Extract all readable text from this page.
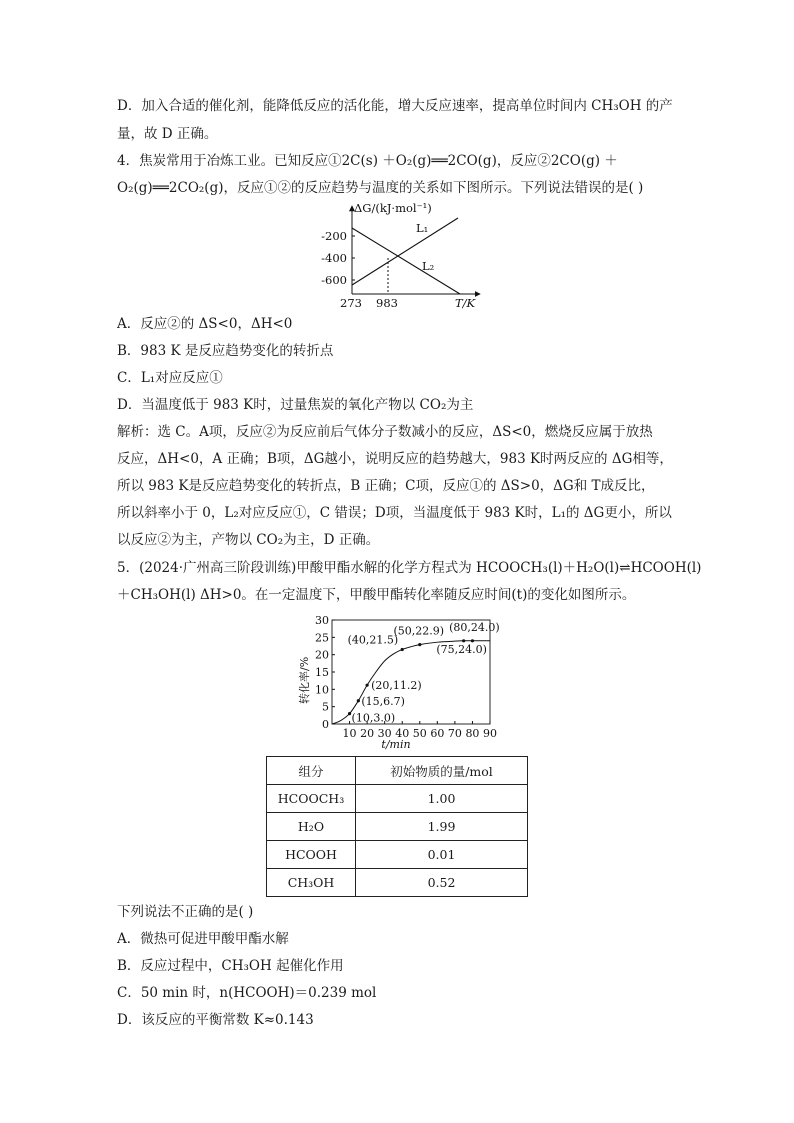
D．加入合适的催化剂，能降低反应的活化能，增大反应速率，提高单位时间内 CH₃OH 的产
量，故 D 正确。
4．焦炭常用于冶炼工业。已知反应①2C(s) ＋O₂(g)══2CO(g)，反应②2CO(g) ＋
O₂(g)══2CO₂(g)，反应①②的反应趋势与温度的关系如下图所示。下列说法错误的是( )
ΔG/(kJ·mol⁻¹)
-200
-400
-600
L₁
L₂
273 983	T/K
A．反应②的 ΔS<0，ΔH<0
B．983 K 是反应趋势变化的转折点
C．L₁对应反应①
D．当温度低于 983 K时，过量焦炭的氧化产物以 CO₂为主
解析：选 C。A项，反应②为反应前后气体分子数减小的反应，ΔS<0，燃烧反应属于放热
反应，ΔH<0，A 正确；B项，ΔG越小，说明反应的趋势越大，983 K时两反应的 ΔG相等，
所以 983 K是反应趋势变化的转折点，B 正确；C项，反应①的 ΔS>0，ΔG和 T成反比，
所以斜率小于 0，L₂对应反应①，C 错误；D项，当温度低于 983 K时，L₁的 ΔG更小，所以
以反应②为主，产物以 CO₂为主，D 正确。
5．(2024·广州高三阶段训练)甲酸甲酯水解的化学方程式为 HCOOCH₃(l)＋H₂O(l)⇌HCOOH(l)
＋CH₃OH(l) ΔH>0。在一定温度下，甲酸甲酯转化率随反应时间(t)的变化如图所示。
转化率/%
t/min
0
5
10
15
20
25
30
10 20 30 40 50 60 70 80 90
(10,3.0)
(15,6.7)
(20,11.2)
(40,21.5)
(50,22.9)
(75,24.0)
(80,24.0)
组分	初始物质的量/mol
HCOOCH₃	1.00
H₂O	1.99
HCOOH	0.01
CH₃OH	0.52
下列说法不正确的是( )
A．微热可促进甲酸甲酯水解
B．反应过程中，CH₃OH 起催化作用
C．50 min 时，n(HCOOH)＝0.239 mol
D．该反应的平衡常数 K≈0.143
